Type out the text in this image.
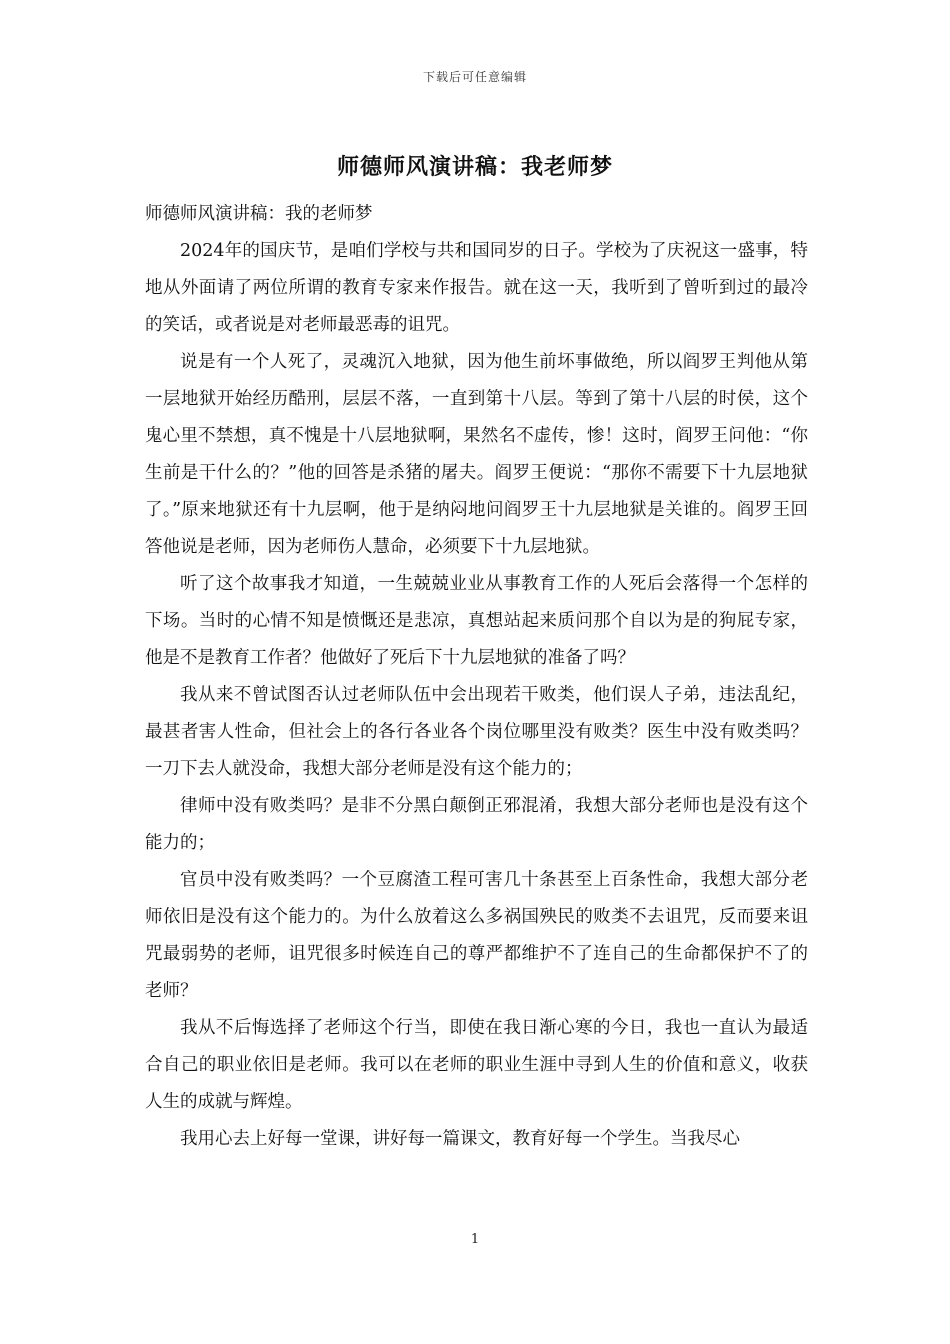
下载后可任意编辑
师德师风演讲稿：我老师梦

师德师风演讲稿：我的老师梦

2024年的国庆节，是咱们学校与共和国同岁的日子。学校为了庆祝这一盛事，特地从外面请了两位所谓的教育专家来作报告。就在这一天，我听到了曾听到过的最冷的笑话，或者说是对老师最恶毒的诅咒。

说是有一个人死了，灵魂沉入地狱，因为他生前坏事做绝，所以阎罗王判他从第一层地狱开始经历酷刑，层层不落，一直到第十八层。等到了第十八层的时侯，这个鬼心里不禁想，真不愧是十八层地狱啊，果然名不虚传，惨！这时，阎罗王问他：“你生前是干什么的？”他的回答是杀猪的屠夫。阎罗王便说：“那你不需要下十九层地狱了。”原来地狱还有十九层啊，他于是纳闷地问阎罗王十九层地狱是关谁的。阎罗王回答他说是老师，因为老师伤人慧命，必须要下十九层地狱。

听了这个故事我才知道，一生兢兢业业从事教育工作的人死后会落得一个怎样的下场。当时的心情不知是愤慨还是悲凉，真想站起来质问那个自以为是的狗屁专家，他是不是教育工作者？他做好了死后下十九层地狱的准备了吗？

我从来不曾试图否认过老师队伍中会出现若干败类，他们误人子弟，违法乱纪，最甚者害人性命，但社会上的各行各业各个岗位哪里没有败类？医生中没有败类吗？一刀下去人就没命，我想大部分老师是没有这个能力的；

律师中没有败类吗？是非不分黑白颠倒正邪混淆，我想大部分老师也是没有这个能力的；

官员中没有败类吗？一个豆腐渣工程可害几十条甚至上百条性命，我想大部分老师依旧是没有这个能力的。为什么放着这么多祸国殃民的败类不去诅咒，反而要来诅咒最弱势的老师，诅咒很多时候连自己的尊严都维护不了连自己的生命都保护不了的老师？

我从不后悔选择了老师这个行当，即使在我日渐心寒的今日，我也一直认为最适合自己的职业依旧是老师。我可以在老师的职业生涯中寻到人生的价值和意义，收获人生的成就与辉煌。

我用心去上好每一堂课，讲好每一篇课文，教育好每一个学生。当我尽心

1
